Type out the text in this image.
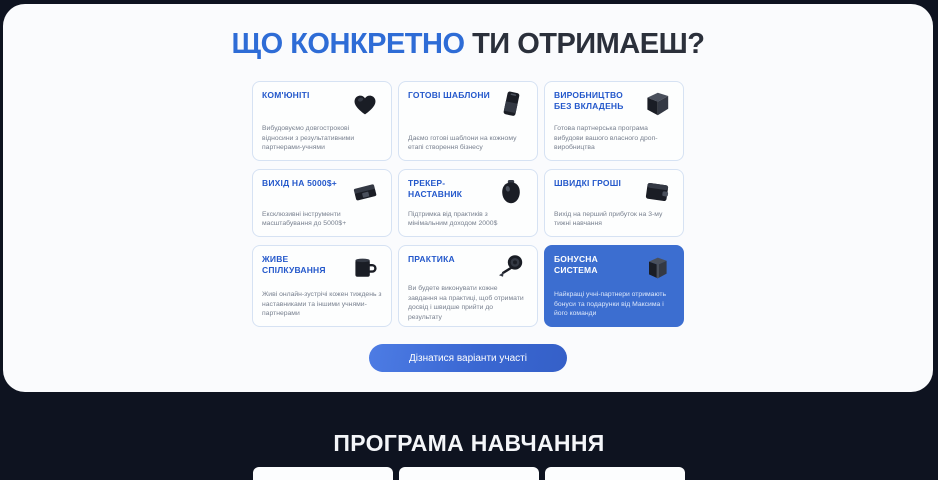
ЩО КОНКРЕТНО ТИ ОТРИМАЕШ?
КОМ'ЮНІТІ
Вибудовуємо довгострокові відносини з результативними партнерами-учнями
ГОТОВІ ШАБЛОНИ
Даємо готові шаблони на кожному етапі створення бізнесу
ВИРОБНИЦТВО БЕЗ ВКЛАДЕНЬ
Готова партнерська програма вибудови вашого власного дроп-виробництва
ВИХІД НА 5000$+
Ексклюзивні інструменти масштабування до 5000$+
ТРЕКЕР-НАСТАВНИК
Підтримка від практиків з мінімальним доходом 2000$
ШВИДКІ ГРОШІ
Вихід на перший прибуток на 3-му тижні навчання
ЖИВЕ СПІЛКУВАННЯ
Живі онлайн-зустрічі кожен тиждень з наставниками та іншими учнями-партнерами
ПРАКТИКА
Ви будете виконувати кожне завдання на практиці, щоб отримати досвід і швидше прийти до результату
БОНУСНА СИСТЕМА
Найкращі учні-партнери отримають бонуси та подарунки від Максима і його команди
Дізнатися варіанти участі
ПРОГРАМА НАВЧАННЯ
